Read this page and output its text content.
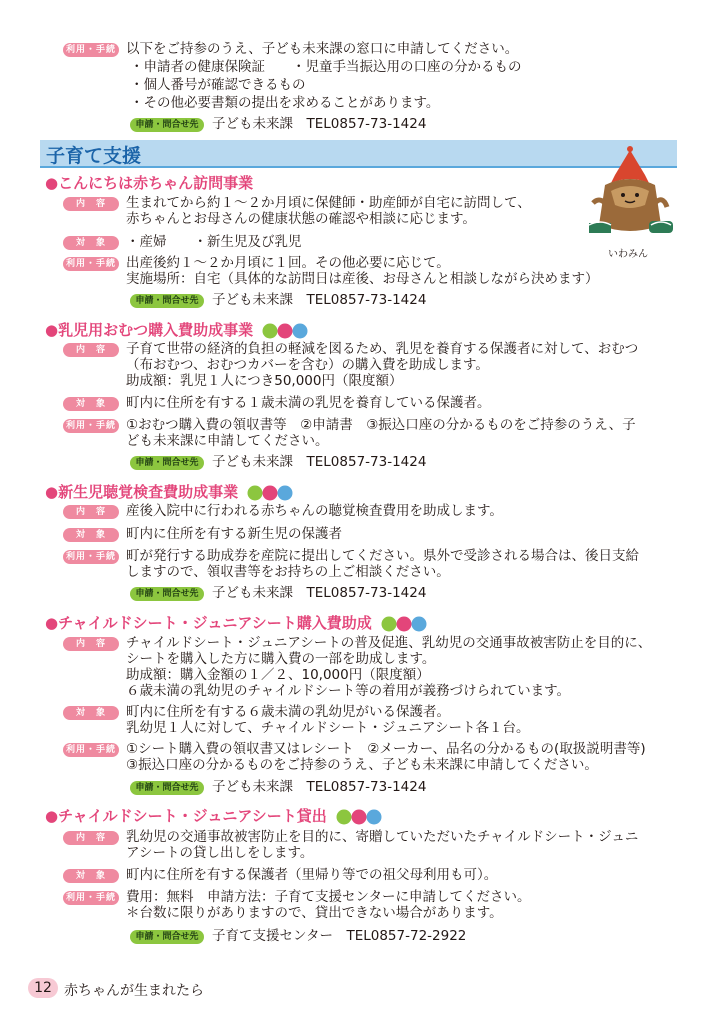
利用・手続 以下をご持参のうえ、子ども未来課の窓口に申請してください。
・申請者の健康保険証　　・児童手当振込用の口座の分かるもの
・個人番号が確認できるもの
・その他必要書類の提出を求めることがあります。
申請・問合せ先	子ども未来課　TEL0857-73-1424
子育て支援
いわみん
●こんにちは赤ちゃん訪問事業
内　容	生まれてから約１～２か月頃に保健師・助産師が自宅に訪問して、
赤ちゃんとお母さんの健康状態の確認や相談に応じます。
対　象	・産婦　　・新生児及び乳児
利用・手続 出産後約１～２か月頃に１回。その他必要に応じて。
実施場所：自宅（具体的な訪問日は産後、お母さんと相談しながら決めます）
申請・問合せ先	子ども未来課　TEL0857-73-1424
●乳児用おむつ購入費助成事業
内　容	子育て世帯の経済的負担の軽減を図るため、乳児を養育する保護者に対して、おむつ
（布おむつ、おむつカバーを含む）の購入費を助成します。
助成額：乳児１人につき50,000円（限度額）
対　象	町内に住所を有する１歳未満の乳児を養育している保護者。
利用・手続 ①おむつ購入費の領収書等　②申請書　③振込口座の分かるものをご持参のうえ、子
ども未来課に申請してください。
申請・問合せ先	子ども未来課　TEL0857-73-1424
●新生児聴覚検査費助成事業
内　容	産後入院中に行われる赤ちゃんの聴覚検査費用を助成します。
対　象	町内に住所を有する新生児の保護者
利用・手続 町が発行する助成券を産院に提出してください。県外で受診される場合は、後日支給
しますので、領収書等をお持ちの上ご相談ください。
申請・問合せ先	子ども未来課　TEL0857-73-1424
●チャイルドシート・ジュニアシート購入費助成
内　容	チャイルドシート・ジュニアシートの普及促進、乳幼児の交通事故被害防止を目的に、
シートを購入した方に購入費の一部を助成します。
助成額：購入金額の１／２、10,000円（限度額）
６歳未満の乳幼児のチャイルドシート等の着用が義務づけられています。
対　象	町内に住所を有する６歳未満の乳幼児がいる保護者。
乳幼児１人に対して、チャイルドシート・ジュニアシート各１台。
利用・手続 ①シート購入費の領収書又はレシート　②メーカー、品名の分かるもの(取扱説明書等)
③振込口座の分かるものをご持参のうえ、子ども未来課に申請してください。
申請・問合せ先	子ども未来課　TEL0857-73-1424
●チャイルドシート・ジュニアシート貸出
内　容	乳幼児の交通事故被害防止を目的に、寄贈していただいたチャイルドシート・ジュニ
アシートの貸し出しをします。
対　象	町内に住所を有する保護者（里帰り等での祖父母利用も可）。
利用・手続 費用：無料　申請方法：子育て支援センターに申請してください。
＊台数に限りがありますので、貸出できない場合があります。
申請・問合せ先	子育て支援センター　TEL0857-72-2922
12 赤ちゃんが生まれたら
